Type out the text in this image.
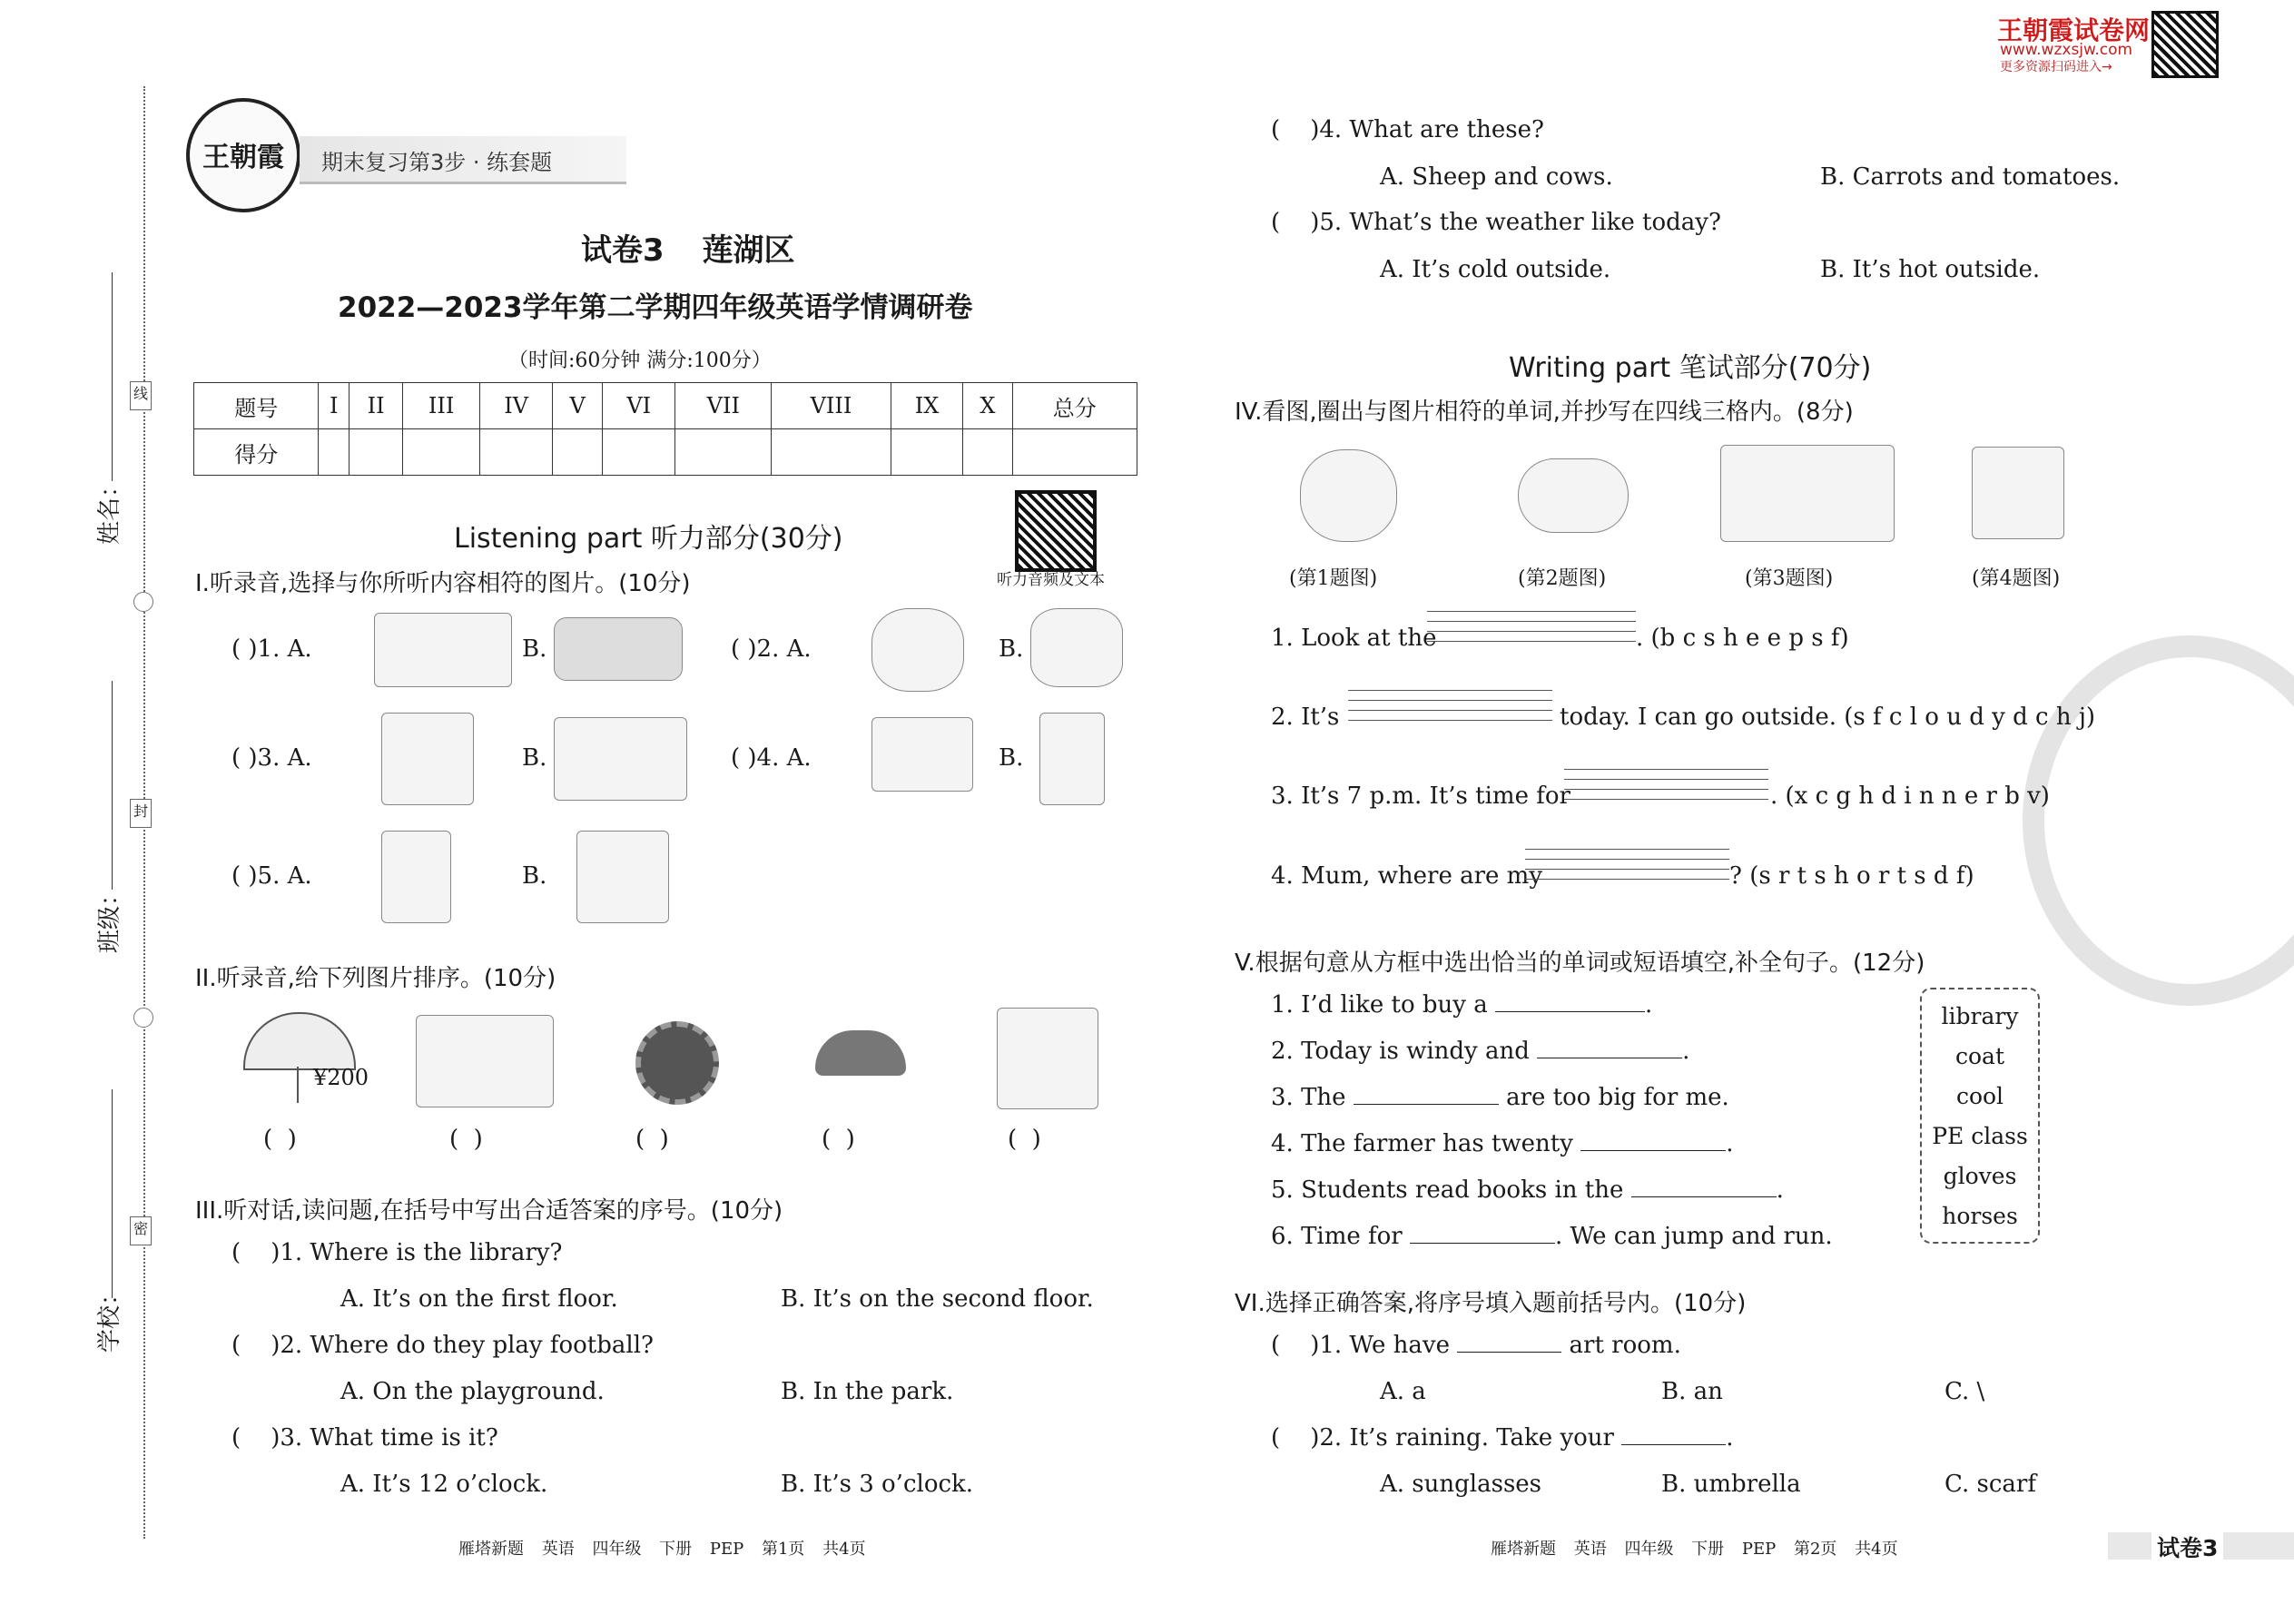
线
封
密
姓名：
班级：
学校：
王朝霞	期末复习第3步 · 练套题
试卷3 莲湖区
2022—2023学年第二学期四年级英语学情调研卷
（时间:60分钟 满分:100分）
题号	I	II	III	IV	V	VI	VII	VIII	IX	X	总分
得分											
Listening part 听力部分(30分)
听力音频及文本
I.听录音,选择与你所听内容相符的图片。(10分)
( )1. A.	B.	( )2. A.	B.
( )3. A.	B.	( )4. A.	B.
( )5. A.	B.
II.听录音,给下列图片排序。(10分)
¥200
(  )	(  )	(  )	(  )	(  )
III.听对话,读问题,在括号中写出合适答案的序号。(10分)
(    )1. Where is the library?
A. It’s on the first floor.	B. It’s on the second floor.
(    )2. Where do they play football?
A. On the playground.	B. In the park.
(    )3. What time is it?
A. It’s 12 o’clock.	B. It’s 3 o’clock.
雁塔新题 英语 四年级 下册 PEP 第1页 共4页
王朝霞试卷网
www.wzxsjw.com
更多资源扫码进入→
(    )4. What are these?
A. Sheep and cows.	B. Carrots and tomatoes.
(    )5. What’s the weather like today?
A. It’s cold outside.	B. It’s hot outside.
Writing part 笔试部分(70分)
IV.看图,圈出与图片相符的单词,并抄写在四线三格内。(8分)
(第1题图)	(第2题图)	(第3题图)	(第4题图)
1. Look at the	. (b c s h e e p s f)
2. It’s	today. I can go outside. (s f c l o u d y d c h j)
3. It’s 7 p.m. It’s time for	. (x c g h d i n n e r b v)
4. Mum, where are my	? (s r t s h o r t s d f)
V.根据句意从方框中选出恰当的单词或短语填空,补全句子。(12分)
1. I’d like to buy a	.
2. Today is windy and	.
3. The	are too big for me.
4. The farmer has twenty	.
5. Students read books in the	.
6. Time for	. We can jump and run.
library
coat
cool
PE class
gloves
horses
VI.选择正确答案,将序号填入题前括号内。(10分)
(    )1. We have	art room.
A. a	B. an	C. \
(    )2. It’s raining. Take your	.
A. sunglasses	B. umbrella	C. scarf
雁塔新题 英语 四年级 下册 PEP 第2页 共4页	试卷3
